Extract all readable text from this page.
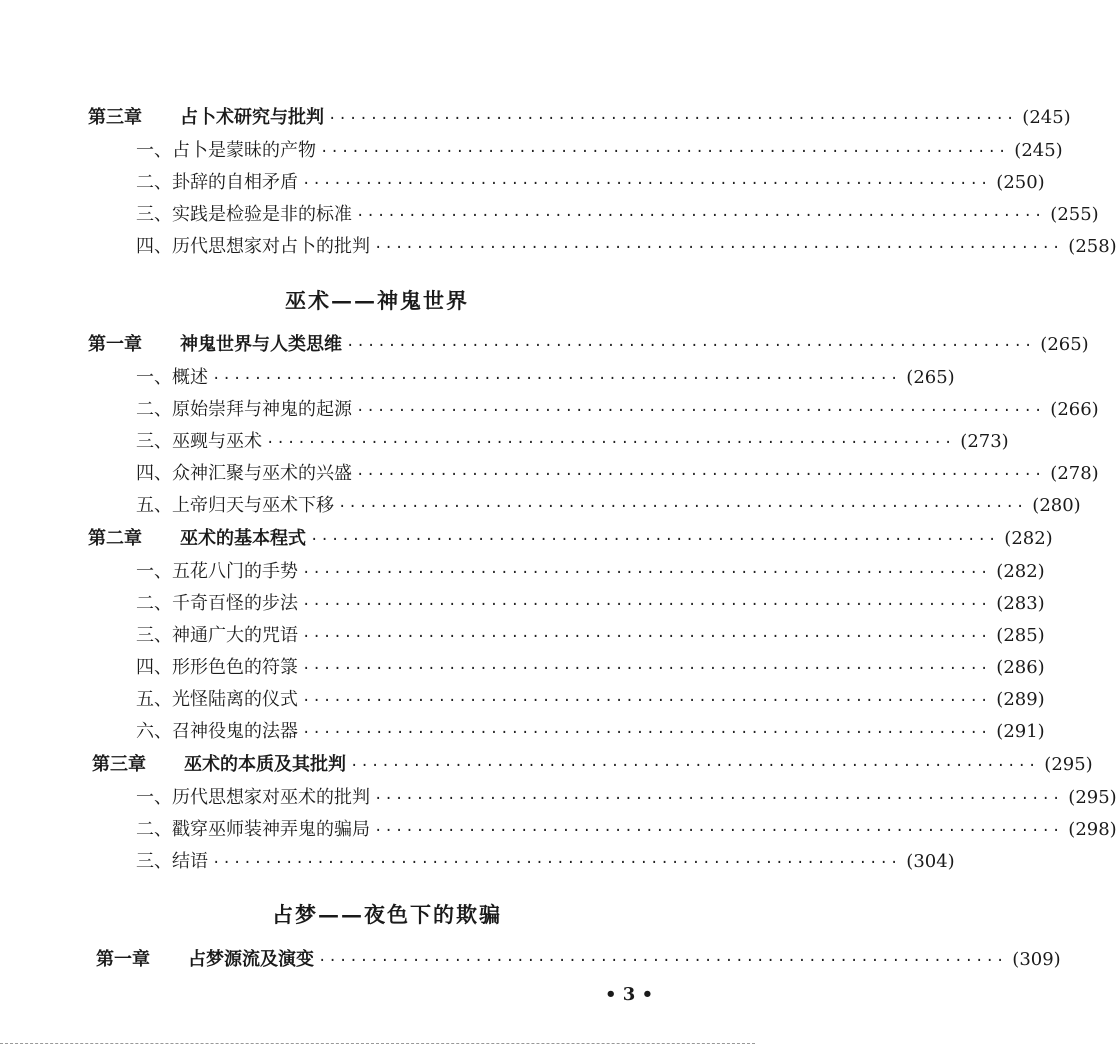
第三章 占卜术研究与批判 ·································································· (245)
一、占卜是蒙昧的产物 ·································································· (245)
二、卦辞的自相矛盾 ·································································· (250)
三、实践是检验是非的标准 ·································································· (255)
四、历代思想家对占卜的批判 ·································································· (258)
巫术——神鬼世界
第一章 神鬼世界与人类思维 ·································································· (265)
一、概述 ·································································· (265)
二、原始崇拜与神鬼的起源 ·································································· (266)
三、巫觋与巫术 ·································································· (273)
四、众神汇聚与巫术的兴盛 ·································································· (278)
五、上帝归天与巫术下移 ·································································· (280)
第二章 巫术的基本程式 ·································································· (282)
一、五花八门的手势 ·································································· (282)
二、千奇百怪的步法 ·································································· (283)
三、神通广大的咒语 ·································································· (285)
四、形形色色的符箓 ·································································· (286)
五、光怪陆离的仪式 ·································································· (289)
六、召神役鬼的法器 ·································································· (291)
第三章 巫术的本质及其批判 ·································································· (295)
一、历代思想家对巫术的批判 ·································································· (295)
二、戳穿巫师装神弄鬼的骗局 ·································································· (298)
三、结语 ·································································· (304)
占梦——夜色下的欺骗
第一章 占梦源流及演变 ·································································· (309)
• 3 •
